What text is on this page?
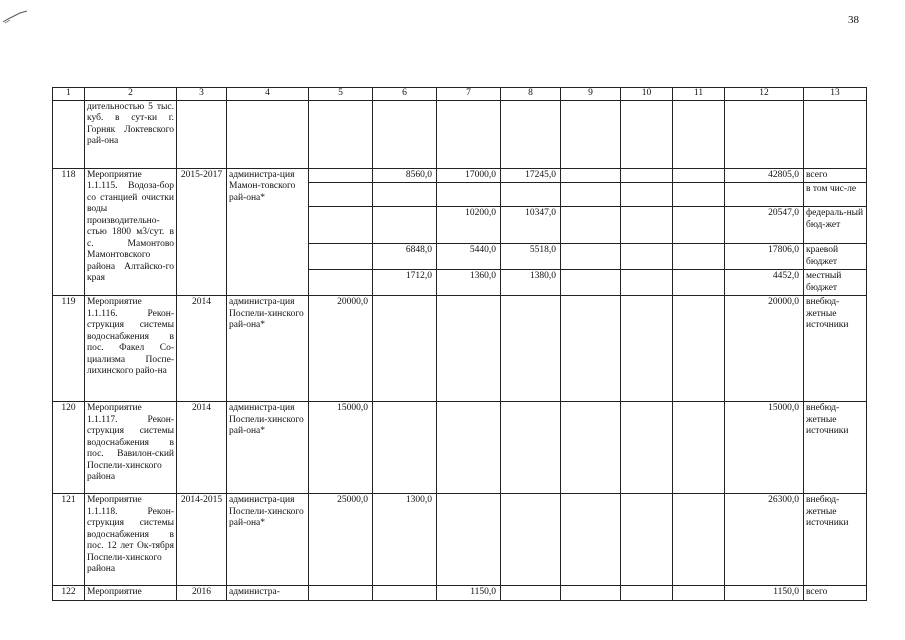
38
1	2	3	4	5	6	7	8	9	10	11	12	13
	дительностью 5 тыс. куб. в сут-ки г. Горняк Локтевского рай-она											
118	Мероприятие 1.1.115. Водоза-бор со станцией очистки воды производительно-стью 1800 м3/сут. в с. Мамонтово Мамонтовского района Алтайско-го края	2015-2017	администра-ция Мамон-товского рай-она*		8560,0	17000,0	17245,0				42805,0	всего
												в том чис-ле
						10200,0	10347,0				20547,0	федераль-ный бюд-жет
					6848,0	5440,0	5518,0				17806,0	краевой бюджет
					1712,0	1360,0	1380,0				4452,0	местный бюджет
119	Мероприятие 1.1.116. Рекон-струкция системы водоснабжения в пос. Факел Со-циализма Поспе-лихинского райо-на	2014	администра-ция Поспели-хинского рай-она*	20000,0							20000,0	внебюд-жетные источники
120	Мероприятие 1.1.117. Рекон-струкция системы водоснабжения в пос. Вавилон-ский Поспели-хинского района	2014	администра-ция Поспели-хинского рай-она*	15000,0							15000,0	внебюд-жетные источники
121	Мероприятие 1.1.118. Рекон-струкция системы водоснабжения в пос. 12 лет Ок-тября Поспели-хинского района	2014-2015	администра-ция Поспели-хинского рай-она*	25000,0	1300,0						26300,0	внебюд-жетные источники
122	Мероприятие	2016	администра-			1150,0					1150,0	всего
